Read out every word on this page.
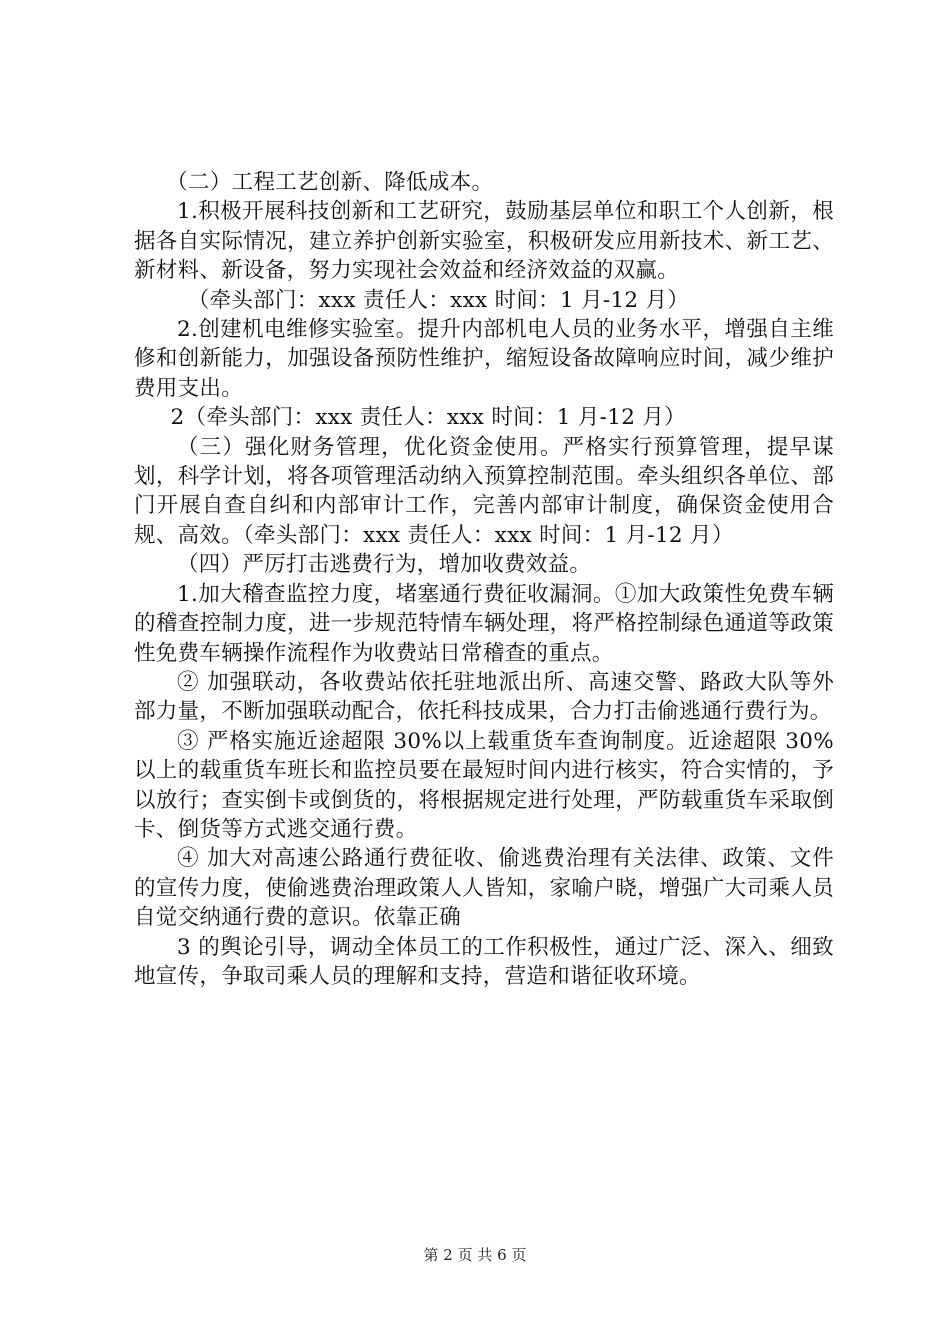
（二）工程工艺创新、降低成本。

1.积极开展科技创新和工艺研究，鼓励基层单位和职工个人创新，根据各自实际情况，建立养护创新实验室，积极研发应用新技术、新工艺、新材料、新设备，努力实现社会效益和经济效益的双赢。

（牵头部门：xxx 责任人：xxx 时间：1 月-12 月）

2.创建机电维修实验室。提升内部机电人员的业务水平，增强自主维修和创新能力，加强设备预防性维护，缩短设备故障响应时间，减少维护费用支出。

2（牵头部门：xxx 责任人：xxx 时间：1 月-12 月）

（三）强化财务管理，优化资金使用。严格实行预算管理，提早谋划，科学计划，将各项管理活动纳入预算控制范围。牵头组织各单位、部门开展自查自纠和内部审计工作，完善内部审计制度，确保资金使用合规、高效。（牵头部门：xxx 责任人：xxx 时间：1 月-12 月）

（四）严厉打击逃费行为，增加收费效益。

1.加大稽查监控力度，堵塞通行费征收漏洞。①加大政策性免费车辆的稽查控制力度，进一步规范特情车辆处理，将严格控制绿色通道等政策性免费车辆操作流程作为收费站日常稽查的重点。

② 加强联动，各收费站依托驻地派出所、高速交警、路政大队等外部力量，不断加强联动配合，依托科技成果，合力打击偷逃通行费行为。

③ 严格实施近途超限 30%以上载重货车查询制度。近途超限 30%以上的载重货车班长和监控员要在最短时间内进行核实，符合实情的，予以放行；查实倒卡或倒货的，将根据规定进行处理，严防载重货车采取倒卡、倒货等方式逃交通行费。

④ 加大对高速公路通行费征收、偷逃费治理有关法律、政策、文件的宣传力度，使偷逃费治理政策人人皆知，家喻户晓，增强广大司乘人员自觉交纳通行费的意识。依靠正确

3 的舆论引导，调动全体员工的工作积极性，通过广泛、深入、细致地宣传，争取司乘人员的理解和支持，营造和谐征收环境。

第 2 页 共 6 页
